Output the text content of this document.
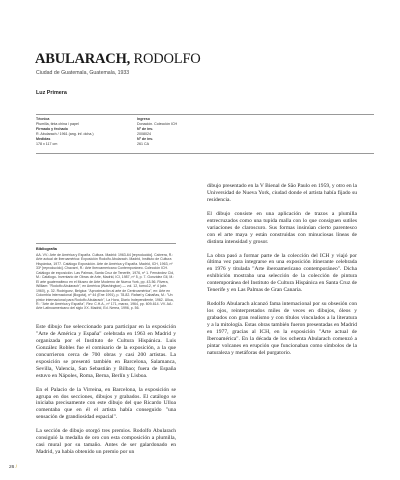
ABULARACH, RODOLFO
Ciudad de Guatemala, Guatemala, 1933
Luz Primera
Técnica
Plumilla, tinta china / papel
Firmado y fechado
R. Abularach / 1961 (ang. inf. dcha.)
Medidas
178 x 117 cm
Ingreso
Donación. Colección ICH
Nº de inv.
2008024
Nº de inv.
261 CA
Bibliografía

AA. VV.: Arte de América y España. Cultura. Madrid: 1963-64 [reproducido]. Cabrera, R.: Arte actual de Iberoamérica: Exposición Rodolfo Abularach. Madrid, Instituto de Cultura Hispánica, 1977. Catálogo Exposición. Arte de América y España. Madrid, ICH, 1963, nº 33º [reproducido]. Chavarri, R.: Arte Iberoamericano Contemporáneo. Colección ICH. Catálogo de exposición. Las Palmas, Santa Cruz de Tenerife, 1976, nº 1. Fernández Cid, M.: Catálogo- Inventario de Obras de Arte, Madrid, ICI, 1987, nº 5, p. 7. González Gil, M.: El arte guatemalteco en el Museo de Arte Moderno de Nueva York, pp. 43-56. Rivera, William: "Rodolfo Abularach", en América (Washington) — vol. 12, tomo12, nº 4 (abr. 1960), p. 32. Rodríguez, Belgica: "Aproximación al arte de Centroamérica", en: Arte en Colombia Internacional (Bogotá), nº 44 (Ene 1991), p. 78-82. Rafael y Cabañas, M.: "Un pintor internacional para Rodolfo Abularach", La Hora, Diario Independiente, 1962. Ulloa, R.: "Arte de América y España", Rev. C.H.A., nº 171, marzo, 1964, pp. 609-614. VV. AA.: Arte Latinoamericano del siglo XX. Madrid, Ed. Nerea, 1996, p. 56.

Este dibujo fue seleccionado para participar en la exposición "Arte de América y España" celebrada en 1963 en Madrid y organizada por el Instituto de Cultura Hispánica. Luis González Robles fue el comisario de la exposición, a la que concurrieron cerca de 700 obras y casi 200 artistas. La exposición se presentó también en Barcelona, Salamanca, Sevilla, Valencia, San Sebastián y Bilbao; fuera de España estuvo en Nápoles, Roma, Berna, Berlín y Lisboa.

En el Palacio de la Virreina, en Barcelona, la exposición se agrupa en dos secciones, dibujos y grabados. El catálogo se iniciaba precisamente con este dibujo del que Ricardo Ulloa comentaba que en él el artista había conseguido "una sensación de grandiosidad espacial".

La sección de dibujo otorgó tres premios. Rodolfo Abularach consiguió la medalla de oro con esta composición a plumilla, casi mural por su tamaño. Antes de ser galardonado en Madrid, ya había obtenido un premio por un

dibujo presentado en la V Bienal de São Paulo en 1959, y otro en la Universidad de Nueva York, ciudad donde el artista había fijado su residencia.

El dibujo consiste en una aplicación de trazos a plumilla entrecruzados como una tupida malla con lo que consiguen sutiles variaciones de claroscuro. Sus formas insinúan cierto parentesco con el arte maya y están construidas con minuciosas líneas de distinta intensidad y grosor.

La obra pasó a formar parte de la colección del ICH y viajó por última vez para integrarse en una exposición itinerante celebrada en 1976 y titulada "Arte iberoamericano contemporáneo". Dicha exhibición mostraba una selección de la colección de pintura contemporánea del Instituto de Cultura Hispánica en Santa Cruz de Tenerife y en Las Palmas de Gran Canaria.

Rodolfo Abularach alcanzó fama internacional por su obsesión con los ojos, reinterpretados miles de veces en dibujos, óleos y grabados con gran realismo y con títulos vinculados a la literatura y a la mitología. Estas obras también fueron presentadas en Madrid en 1977, gracias al ICH, en la exposición "Arte actual de Iberoamérica". En la década de los ochenta Abularach comenzó a pintar volcanes en erupción que funcionaban como símbolos de la naturaleza y metáforas del purgatorio.

26 /
